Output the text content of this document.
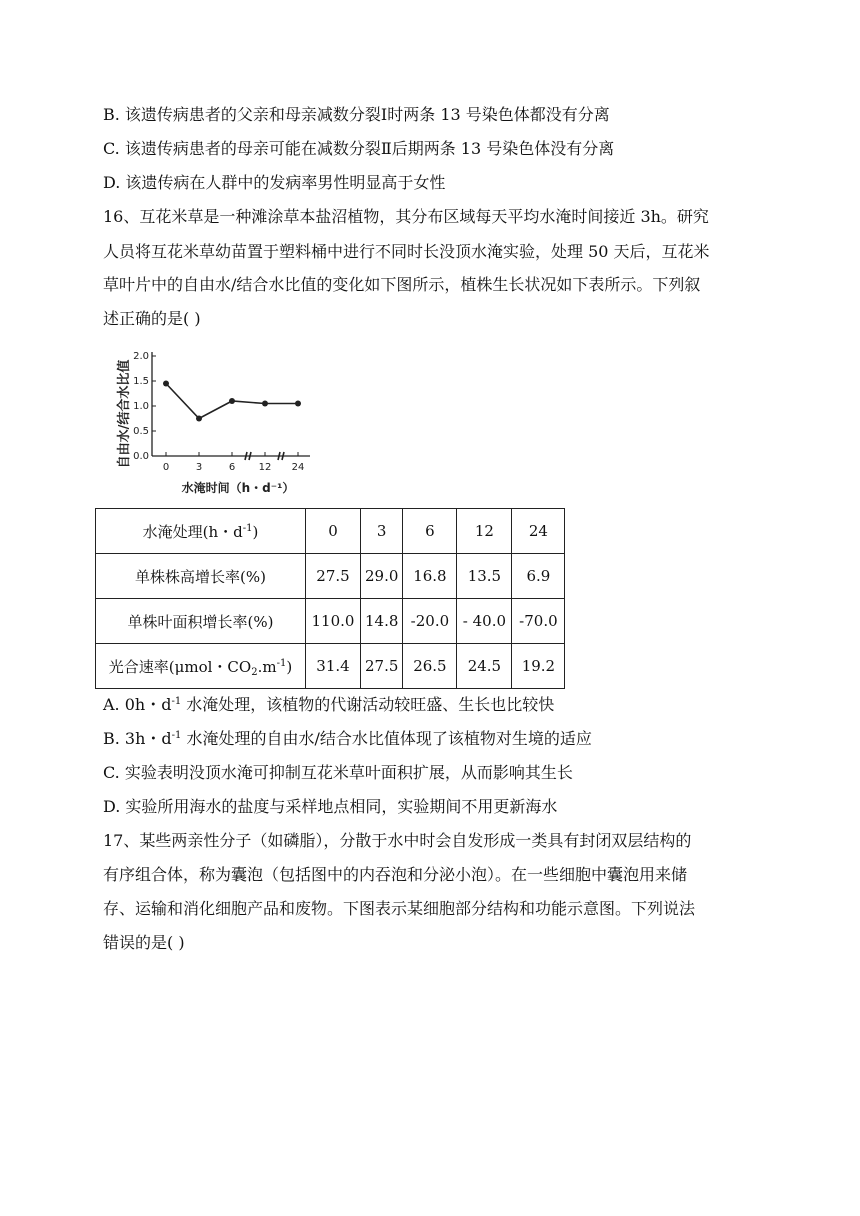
B. 该遗传病患者的父亲和母亲减数分裂Ⅰ时两条 13 号染色体都没有分离
C. 该遗传病患者的母亲可能在减数分裂Ⅱ后期两条 13 号染色体没有分离
D. 该遗传病在人群中的发病率男性明显高于女性
16、互花米草是一种滩涂草本盐沼植物，其分布区域每天平均水淹时间接近 3h。研究
人员将互花米草幼苗置于塑料桶中进行不同时长没顶水淹实验，处理 50 天后，互花米
草叶片中的自由水/结合水比值的变化如下图所示，植株生长状况如下表所示。下列叙
述正确的是( )
0.0
0.5
1.0
1.5
2.0
0	3	6 12 24
自由水/结合水比值
水淹时间（h・d⁻¹）
水淹处理(h・$d^{-1}$)	0	3	6	12	24
单株株高增长率(%)	27.5	29.0	16.8	13.5	6.9
单株叶面积增长率(%)	110.0	14.8	-20.0	- 40.0	-70.0
光合速率(μmol・$CO_2.m^{-1}$)	31.4	27.5	26.5	24.5	19.2
A. 0h・$d^{-1}$ 水淹处理，该植物的代谢活动较旺盛、生长也比较快
B. 3h・$d^{-1}$ 水淹处理的自由水/结合水比值体现了该植物对生境的适应
C. 实验表明没顶水淹可抑制互花米草叶面积扩展，从而影响其生长
D. 实验所用海水的盐度与采样地点相同，实验期间不用更新海水
17、某些两亲性分子（如磷脂），分散于水中时会自发形成一类具有封闭双层结构的
有序组合体，称为囊泡（包括图中的内吞泡和分泌小泡）。在一些细胞中囊泡用来储
存、运输和消化细胞产品和废物。下图表示某细胞部分结构和功能示意图。下列说法
错误的是( )
